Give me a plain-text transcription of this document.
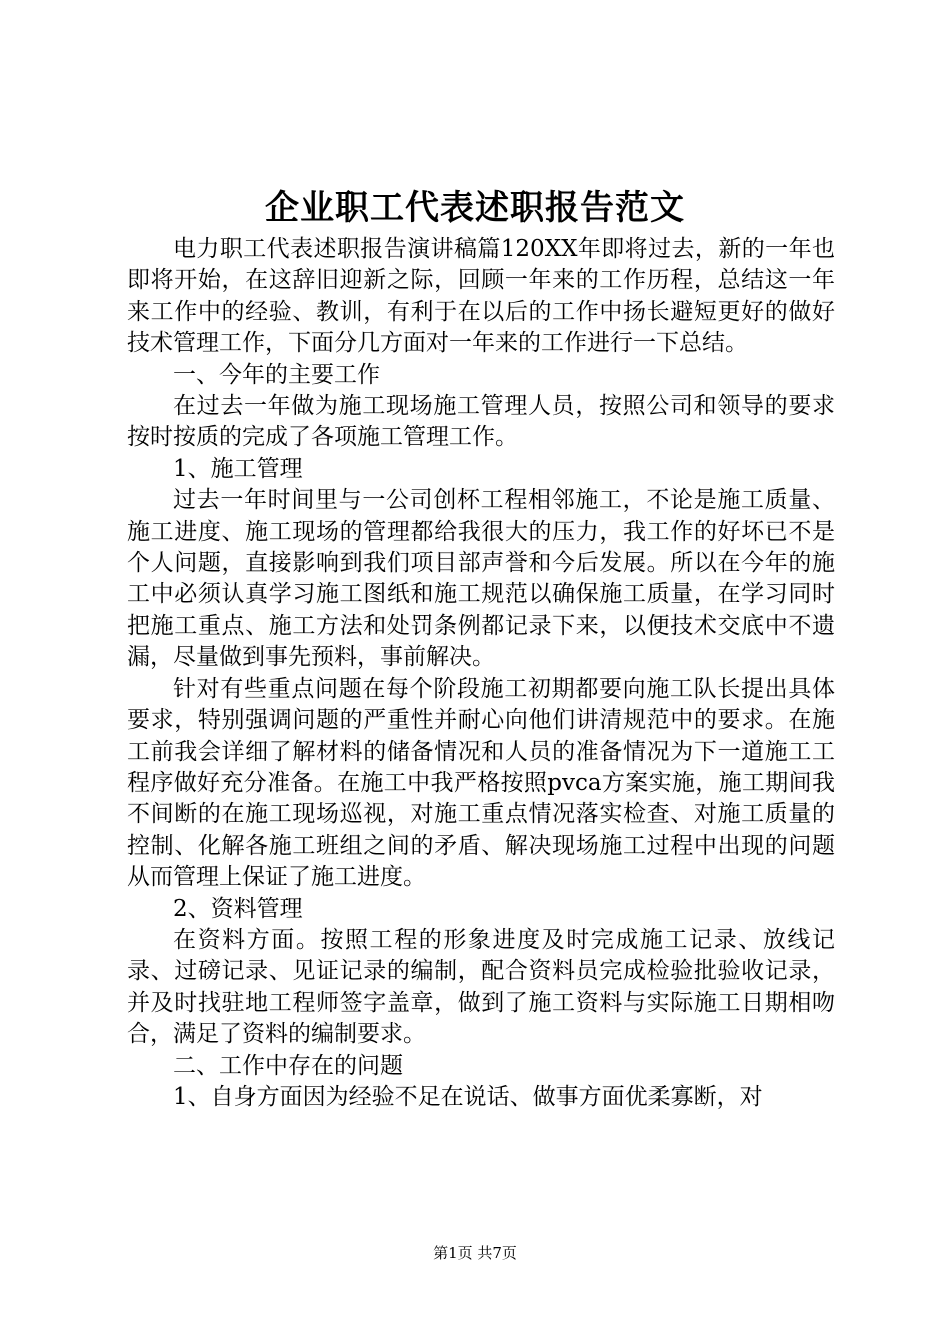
企业职工代表述职报告范文

电力职工代表述职报告演讲稿篇120XX年即将过去，新的一年也即将开始，在这辞旧迎新之际，回顾一年来的工作历程，总结这一年来工作中的经验、教训，有利于在以后的工作中扬长避短更好的做好技术管理工作，下面分几方面对一年来的工作进行一下总结。

一、今年的主要工作

在过去一年做为施工现场施工管理人员，按照公司和领导的要求按时按质的完成了各项施工管理工作。

1、施工管理

过去一年时间里与一公司创杯工程相邻施工，不论是施工质量、施工进度、施工现场的管理都给我很大的压力，我工作的好坏已不是个人问题，直接影响到我们项目部声誉和今后发展。所以在今年的施工中必须认真学习施工图纸和施工规范以确保施工质量，在学习同时把施工重点、施工方法和处罚条例都记录下来，以便技术交底中不遗漏，尽量做到事先预料，事前解决。

针对有些重点问题在每个阶段施工初期都要向施工队长提出具体要求，特别强调问题的严重性并耐心向他们讲清规范中的要求。在施工前我会详细了解材料的储备情况和人员的准备情况为下一道施工工程序做好充分准备。在施工中我严格按照pvca方案实施，施工期间我不间断的在施工现场巡视，对施工重点情况落实检查、对施工质量的控制、化解各施工班组之间的矛盾、解决现场施工过程中出现的问题从而管理上保证了施工进度。

2、资料管理

在资料方面。按照工程的形象进度及时完成施工记录、放线记录、过磅记录、见证记录的编制，配合资料员完成检验批验收记录，并及时找驻地工程师签字盖章，做到了施工资料与实际施工日期相吻合，满足了资料的编制要求。

二、工作中存在的问题

1、自身方面因为经验不足在说话、做事方面优柔寡断，对

第1页 共7页
